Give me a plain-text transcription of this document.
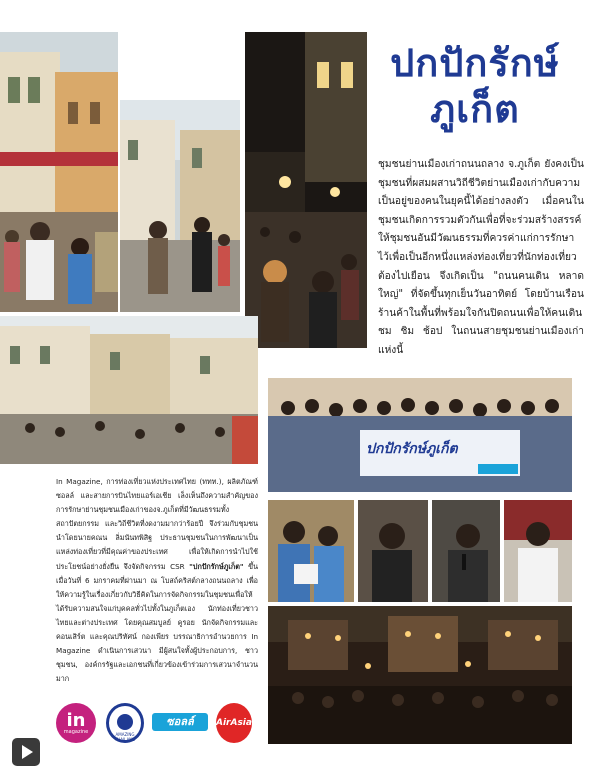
ปกปักรักษ์ภูเก็ต
ปกปักรักษ์
ภูเก็ต
ชุมชนย่านเมืองเก่าถนนถลาง จ.ภูเก็ต ยังคงเป็นชุมชนที่ผสมผสานวิถีชีวิตย่านเมืองเก่ากับความเป็นอยู่ของคนในยุคนี้ได้อย่างลงตัว เมื่อคนในชุมชนเกิดการรวมตัวกันเพื่อที่จะร่วมสร้างสรรค์ให้ชุมชนอันมีวัฒนธรรมที่ควรค่าแก่การรักษาไว้เพื่อเป็นอีกหนึ่งแหล่งท่องเที่ยวที่นักท่องเที่ยวต้องไปเยือน จึงเกิดเป็น "ถนนคนเดิน หลาดใหญ่" ที่จัดขึ้นทุกเย็นวันอาทิตย์ โดยบ้านเรือน ร้านค้าในพื้นที่พร้อมใจกันปิดถนนเพื่อให้คนเดิน ชม ชิม ช้อป ในถนนสายชุมชนย่านเมืองเก่าแห่งนี้
In Magazine, การท่องเที่ยวแห่งประเทศไทย (ททท.), ผลิตภัณฑ์ซอลล์ และสายการบินไทยแอร์เอเชีย เล็งเห็นถึงความสำคัญของการรักษาย่านชุมชนเมืองเก่าของจ.ภูเก็ตที่มีวัฒนธรรมทั้งสถาปัตยกรรม และวิถีชีวิตที่งดงามมากว่าร้อยปี จึงร่วมกับชุมชน นำโดยนายคณน ลิ่มนันทพิสิฐ ประธานชุมชนในการพัฒนาเป็นแหล่งท่องเที่ยวที่มีคุณค่าของประเทศ เพื่อให้เกิดการนำไปใช้ประโยชน์อย่างยั่งยืน จึงจัดกิจกรรม CSR "ปกปักรักษ์ภูเก็ต" ขึ้น เมื่อวันที่ 6 มกราคมที่ผ่านมา ณ โบสถ์คริสต์กลางถนนถลาง เพื่อให้ความรู้ในเรื่องเกี่ยวกับวิธีคิดในการจัดกิจกรรมในชุมชนเพื่อให้ได้รับความสนใจแก่บุคคลทั่วไปทั้งในภูเก็ตเอง นักท่องเที่ยวชาวไทยและต่างประเทศ โดยคุณสมบูลย์ คูรอย นักจัดกิจกรรมและคอนเสิร์ต และคุณปริทัศน์ กองเพียร บรรณาธิการอำนวยการ In Magazine ดำเนินการเสวนา มีผู้สนใจทั้งผู้ประกอบการ, ชาวชุมชน, องค์กรรัฐและเอกชนที่เกี่ยวข้องเข้าร่วมการเสวนาจำนวนมาก
in
magazine	AMAZING THAILAND
ซอลล์	AirAsia
